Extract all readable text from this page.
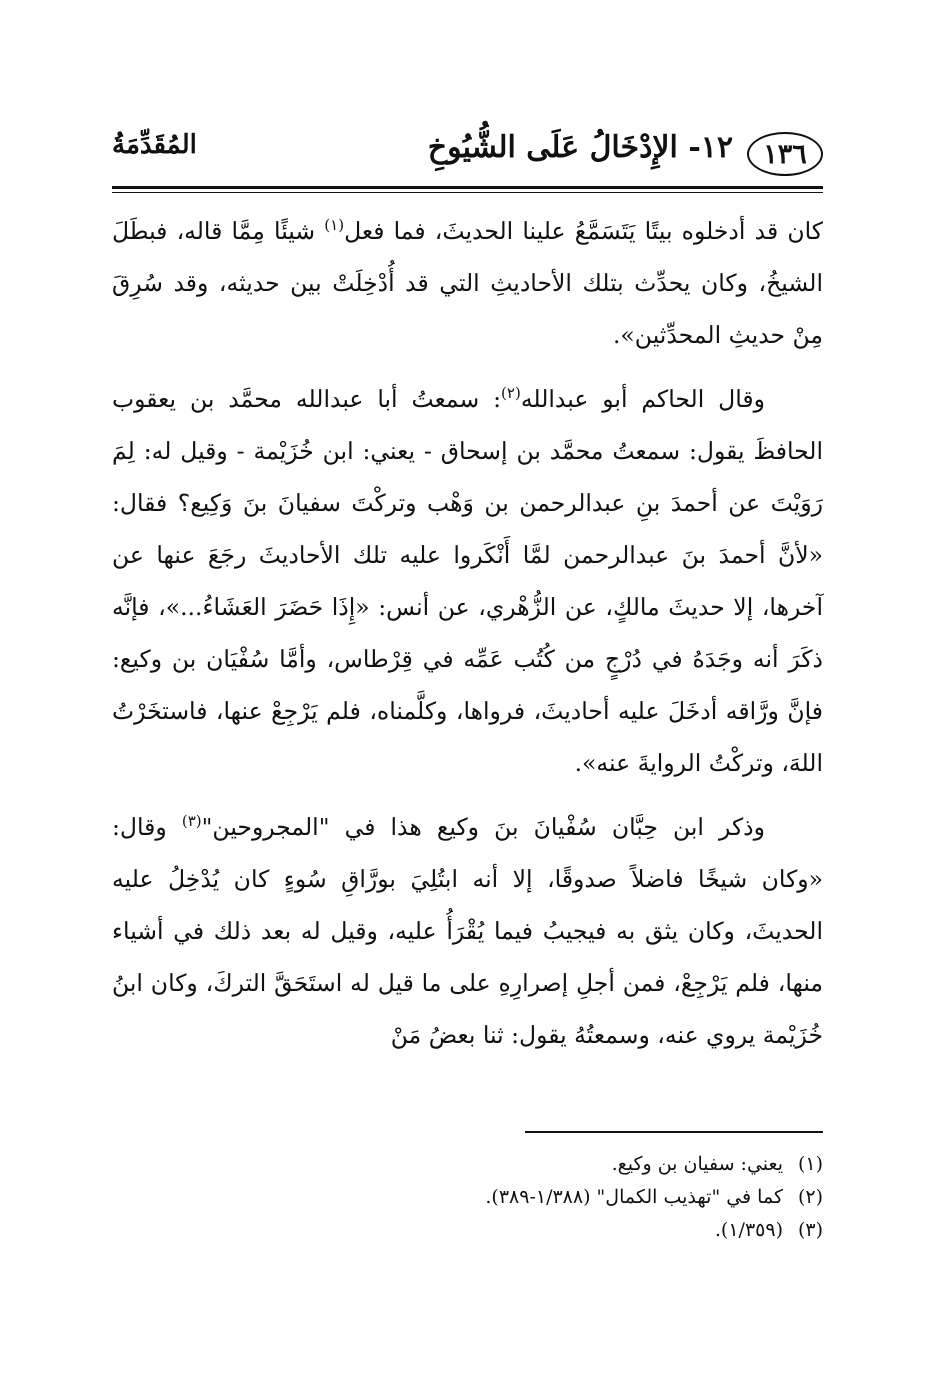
١٣٦
١٢- الإِدْخَالُ عَلَى الشُّيُوخِ
المُقَدِّمَةُ

كان قد أدخلوه بيتًا يَتَسَمَّعُ علينا الحديثَ، فما فعل$^{(١)}$ شيئًا مِمَّا قاله، فبطَلَ الشيخُ، وكان يحدِّث بتلك الأحاديثِ التي قد أُدْخِلَتْ بين حديثه، وقد سُرِقَ مِنْ حديثِ المحدِّثين».

وقال الحاكم أبو عبدالله$^{(٢)}$: سمعتُ أبا عبدالله محمَّد بن يعقوب الحافظَ يقول: سمعتُ محمَّد بن إسحاق - يعني: ابن خُزَيْمة - وقيل له: لِمَ رَوَيْتَ عن أحمدَ بنِ عبدالرحمن بن وَهْب وتركْتَ سفيانَ بنَ وَكِيع؟ فقال: «لأنَّ أحمدَ بنَ عبدالرحمن لمَّا أَنْكَروا عليه تلك الأحاديثَ رجَعَ عنها عن آخرها، إلا حديثَ مالكٍ، عن الزُّهْري، عن أنس: «إِذَا حَضَرَ العَشَاءُ...»، فإنَّه ذكَرَ أنه وجَدَهُ في دُرْجٍ من كُتُب عَمِّه في قِرْطاس، وأمَّا سُفْيَان بن وكيع: فإنَّ ورَّاقه أدخَلَ عليه أحاديثَ، فرواها، وكلَّمناه، فلم يَرْجِعْ عنها، فاستخَرْتُ اللهَ، وتركْتُ الروايةَ عنه».

وذكر ابن حِبَّان سُفْيانَ بنَ وكيع هذا في "المجروحين"$^{(٣)}$ وقال: «وكان شيخًا فاضلاً صدوقًا، إلا أنه ابتُلِيَ بورَّاقِ سُوءٍ كان يُدْخِلُ عليه الحديثَ، وكان يثق به فيجيبُ فيما يُقْرَأُ عليه، وقيل له بعد ذلك في أشياء منها، فلم يَرْجِعْ، فمن أجلِ إصرارِهِ على ما قيل له استَحَقَّ التركَ، وكان ابنُ خُزَيْمة يروي عنه، وسمعتُهُ يقول: ثنا بعضُ مَنْ

(١)
يعني: سفيان بن وكيع.
(٢)
كما في "تهذيب الكمال" (١/٣٨٨-٣٨٩).
(٣)
(١/٣٥٩).
